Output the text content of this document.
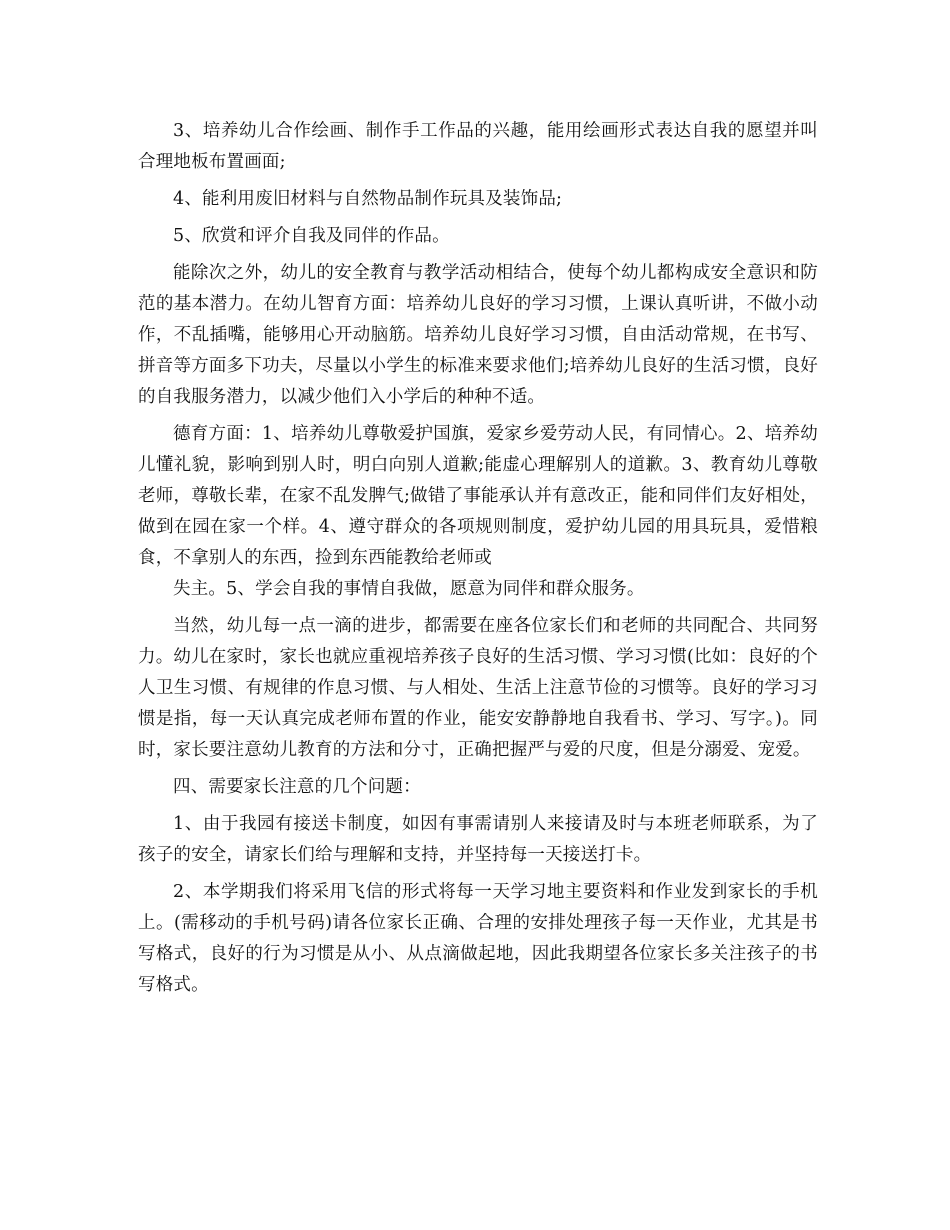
3、培养幼儿合作绘画、制作手工作品的兴趣，能用绘画形式表达自我的愿望并叫合理地板布置画面;

4、能利用废旧材料与自然物品制作玩具及装饰品;

5、欣赏和评介自我及同伴的作品。

能除次之外，幼儿的安全教育与教学活动相结合，使每个幼儿都构成安全意识和防范的基本潜力。在幼儿智育方面：培养幼儿良好的学习习惯，上课认真听讲，不做小动作，不乱插嘴，能够用心开动脑筋。培养幼儿良好学习习惯，自由活动常规，在书写、拼音等方面多下功夫，尽量以小学生的标准来要求他们;培养幼儿良好的生活习惯，良好的自我服务潜力，以减少他们入小学后的种种不适。

德育方面：1、培养幼儿尊敬爱护国旗，爱家乡爱劳动人民，有同情心。2、培养幼儿懂礼貌，影响到别人时，明白向别人道歉;能虚心理解别人的道歉。3、教育幼儿尊敬老师，尊敬长辈，在家不乱发脾气;做错了事能承认并有意改正，能和同伴们友好相处，做到在园在家一个样。4、遵守群众的各项规则制度，爱护幼儿园的用具玩具，爱惜粮食，不拿别人的东西，捡到东西能教给老师或

失主。5、学会自我的事情自我做，愿意为同伴和群众服务。

当然，幼儿每一点一滴的进步，都需要在座各位家长们和老师的共同配合、共同努力。幼儿在家时，家长也就应重视培养孩子良好的生活习惯、学习习惯(比如：良好的个人卫生习惯、有规律的作息习惯、与人相处、生活上注意节俭的习惯等。良好的学习习惯是指，每一天认真完成老师布置的作业，能安安静静地自我看书、学习、写字。)。同时，家长要注意幼儿教育的方法和分寸，正确把握严与爱的尺度，但是分溺爱、宠爱。

四、需要家长注意的几个问题：

1、由于我园有接送卡制度，如因有事需请别人来接请及时与本班老师联系，为了孩子的安全，请家长们给与理解和支持，并坚持每一天接送打卡。

2、本学期我们将采用飞信的形式将每一天学习地主要资料和作业发到家长的手机上。(需移动的手机号码)请各位家长正确、合理的安排处理孩子每一天作业，尤其是书写格式，良好的行为习惯是从小、从点滴做起地，因此我期望各位家长多关注孩子的书写格式。
